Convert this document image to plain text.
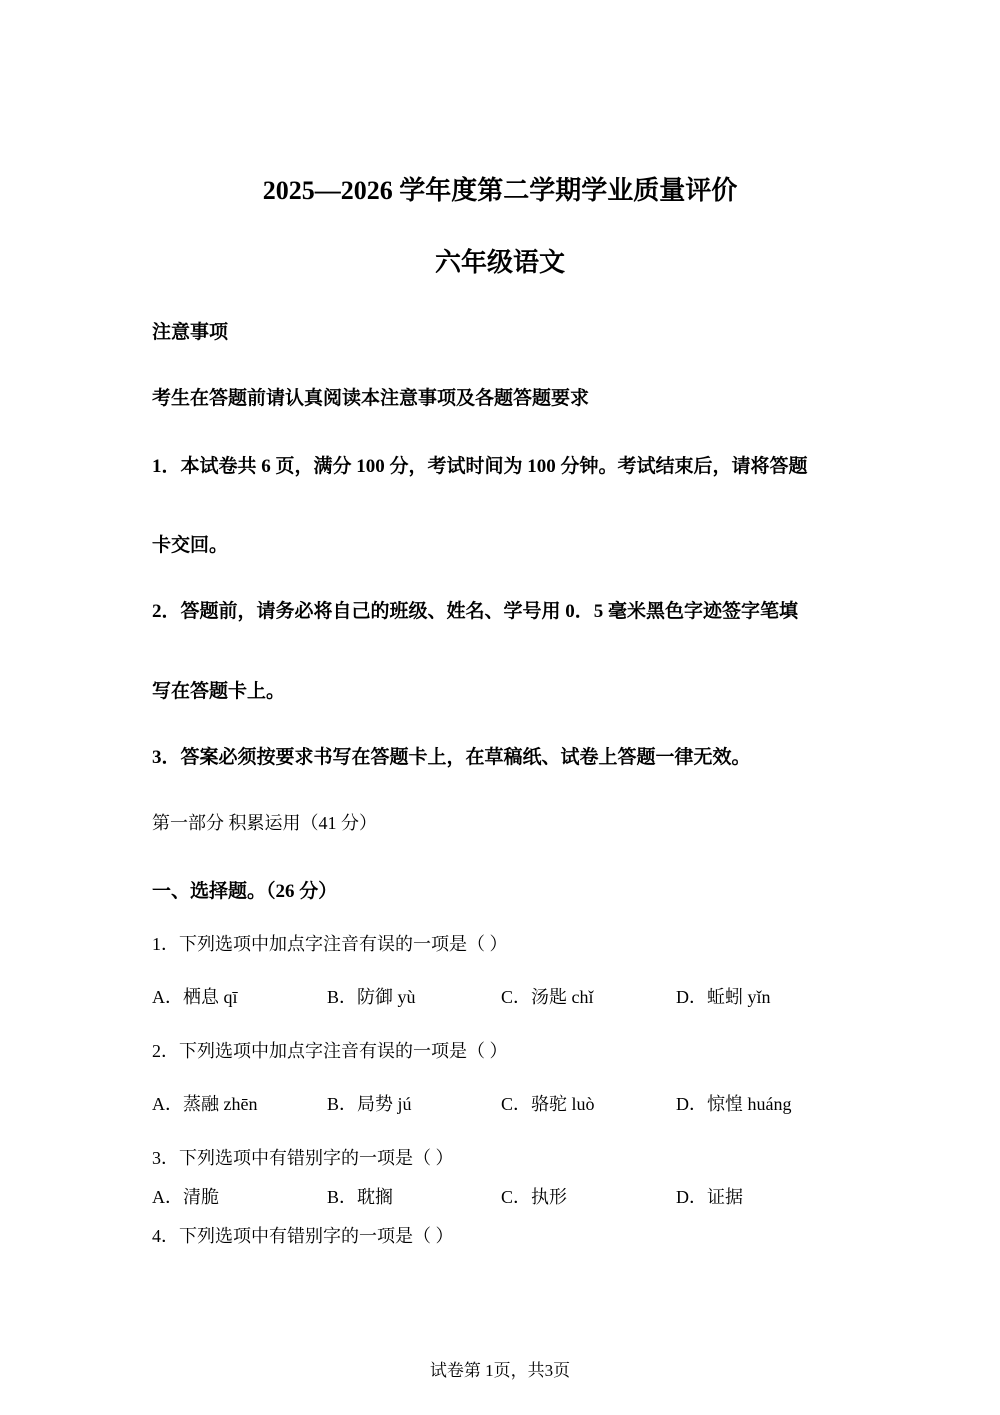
2025—2026 学年度第二学期学业质量评价
六年级语文
注意事项
考生在答题前请认真阅读本注意事项及各题答题要求
1．本试卷共 6 页，满分 100 分，考试时间为 100 分钟。考试结束后，请将答题
卡交回。
2．答题前，请务必将自己的班级、姓名、学号用 0．5 毫米黑色字迹签字笔填
写在答题卡上。
3．答案必须按要求书写在答题卡上，在草稿纸、试卷上答题一律无效。
第一部分 积累运用（41 分）
一、选择题。（26 分）
1．下列选项中加点字注音有误的一项是（ ）
A．栖息 qī	B．防御 yù	C．汤匙 chǐ	D．蚯蚓 yǐn
2．下列选项中加点字注音有误的一项是（ ）
A．蒸融 zhēn	B．局势 jú	C．骆驼 luò	D．惊惶 huáng
3．下列选项中有错别字的一项是（ ）
A．清脆	B．耽搁	C．执形	D．证据
4．下列选项中有错别字的一项是（ ）
试卷第 1页，共3页
